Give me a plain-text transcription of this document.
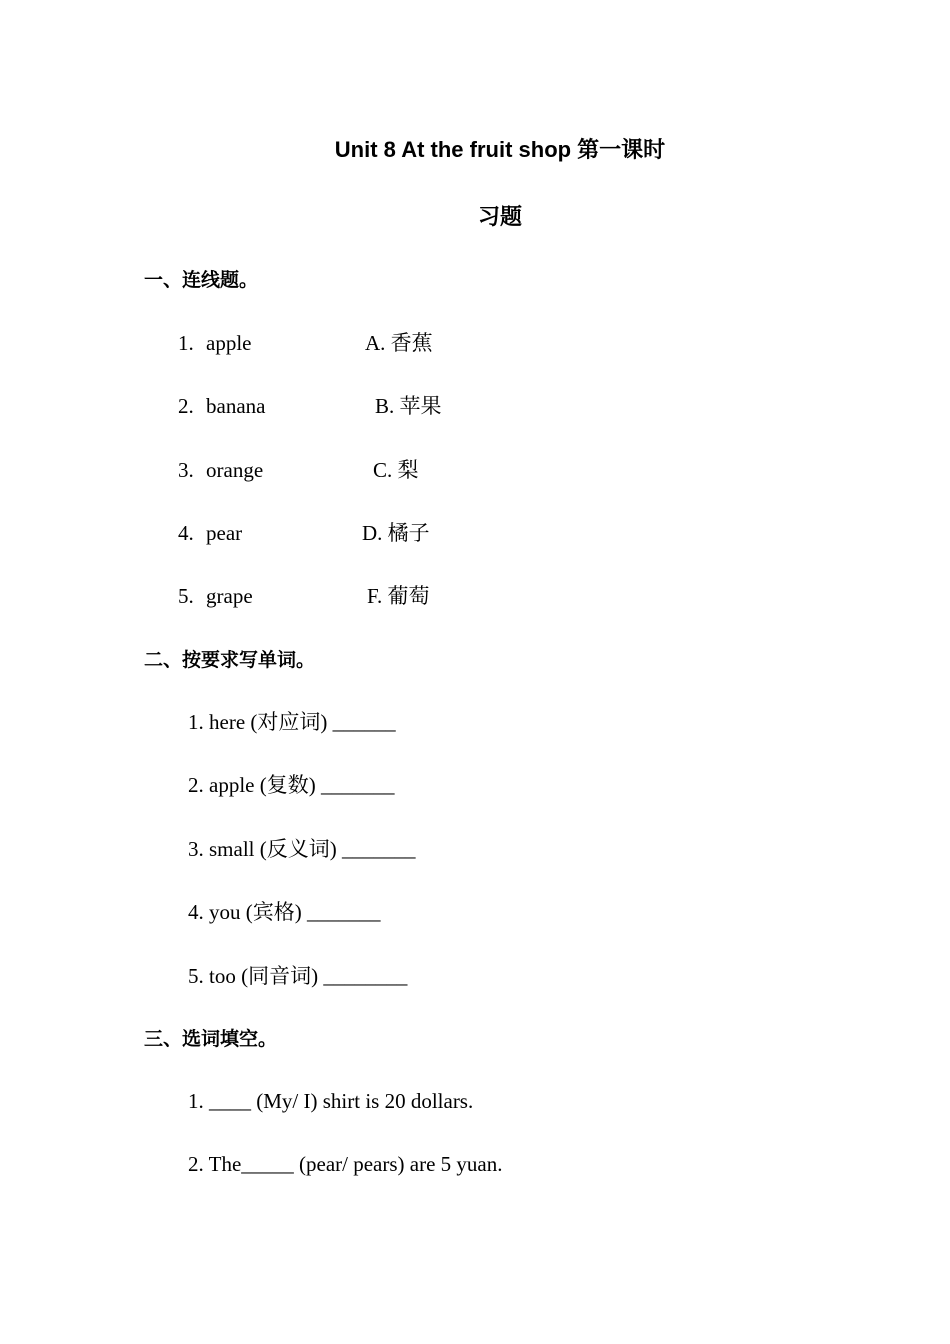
Unit 8 At the fruit shop 第一课时
习题
一、连线题。
1. apple	A. 香蕉
2. banana	B. 苹果
3. orange	C. 梨
4. pear	D. 橘子
5. grape	F. 葡萄
二、按要求写单词。
1. here (对应词) ______
2. apple (复数) _______
3. small (反义词) _______
4. you (宾格) _______
5. too (同音词) ________
三、选词填空。
1. ____ (My/ I) shirt is 20 dollars.
2. The_____ (pear/ pears) are 5 yuan.
